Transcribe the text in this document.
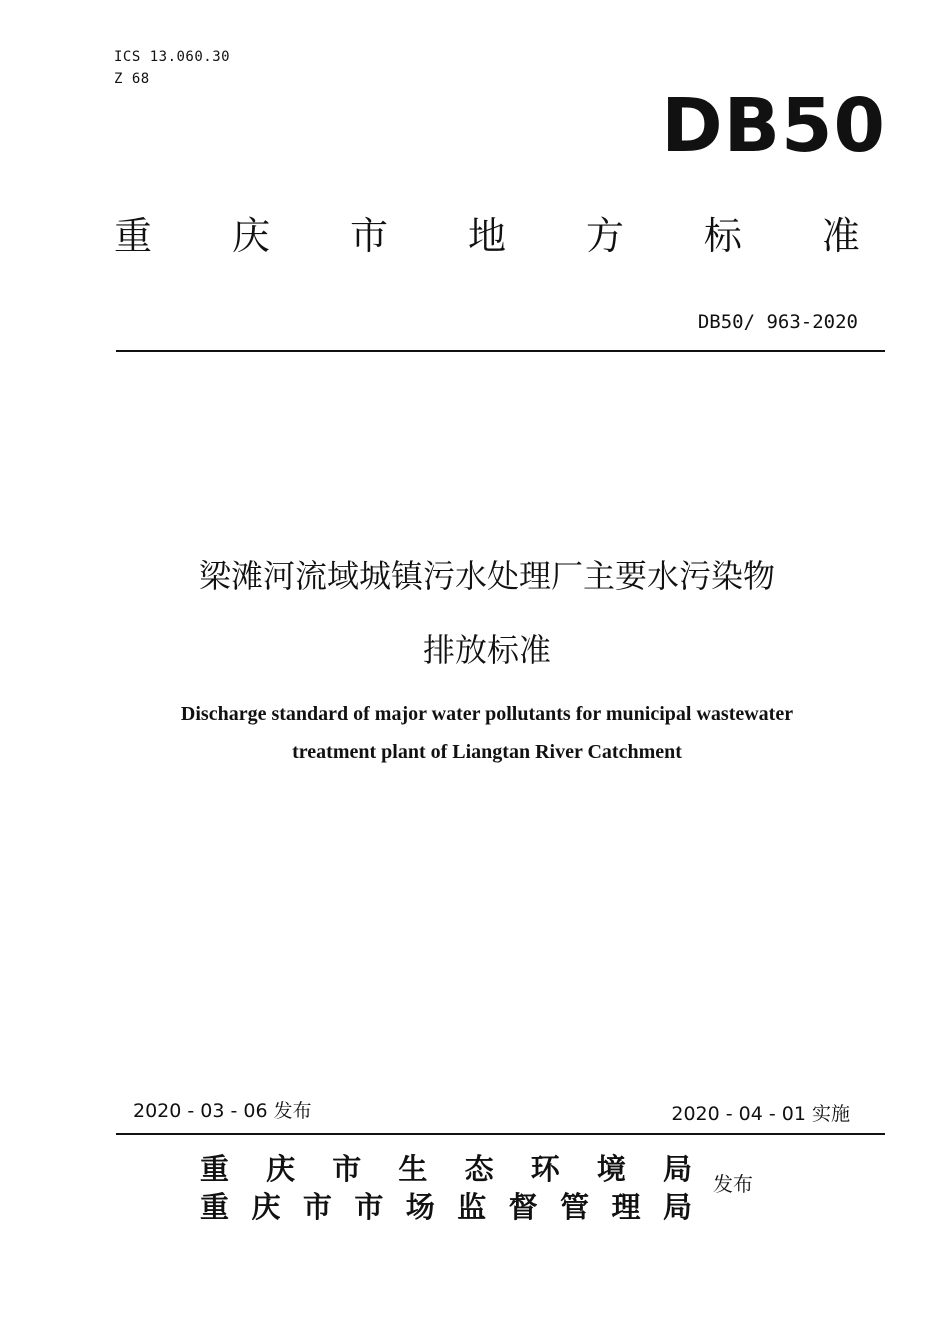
ICS 13.060.30
Z 68
DB50
重 庆 市 地 方 标 准
DB50/ 963-2020
梁滩河流域城镇污水处理厂主要水污染物
排放标准
Discharge standard of major water pollutants for municipal wastewater
treatment plant of Liangtan River Catchment
2020 - 03 - 06 发布	2020 - 04 - 01 实施
重 庆 市 生 态 环 境 局
重 庆 市 市 场 监 督 管 理 局
发布
